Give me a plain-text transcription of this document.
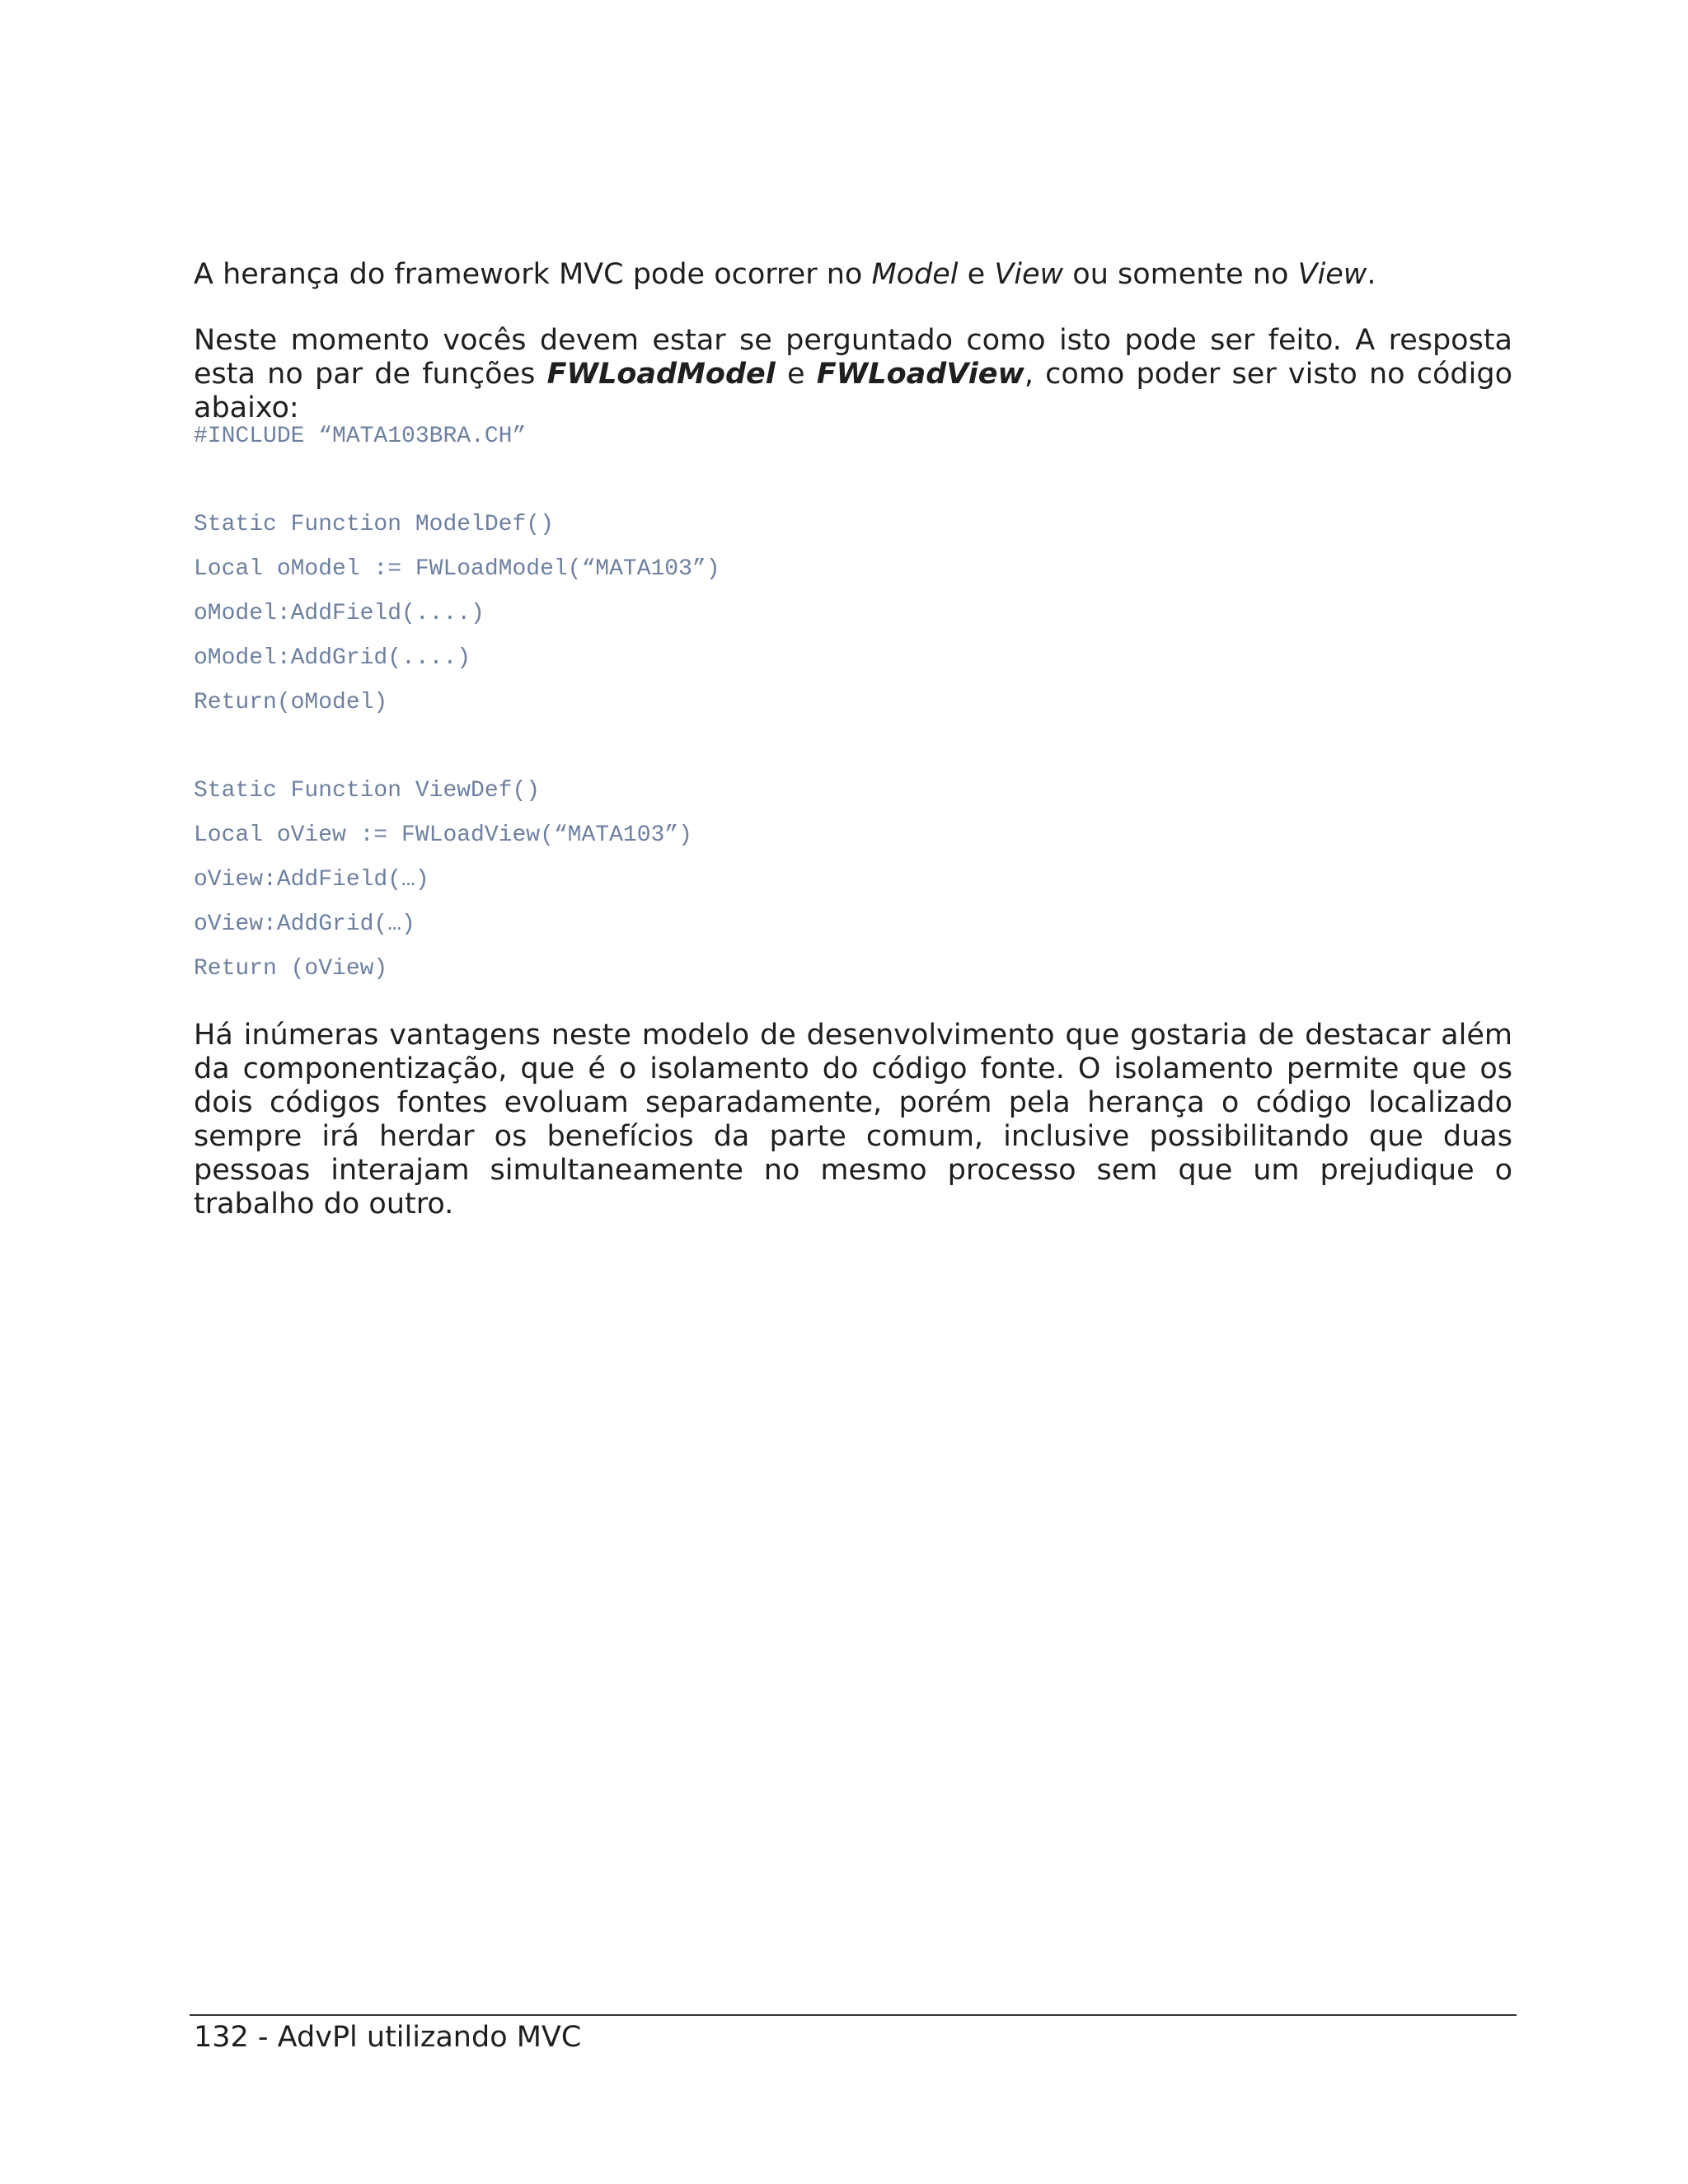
A herança do framework MVC pode ocorrer no Model e View ou somente no View.

Neste momento vocês devem estar se perguntado como isto pode ser feito. A resposta esta no par de funções FWLoadModel e FWLoadView, como poder ser visto no código abaixo:

#INCLUDE “MATA103BRA.CH”
Static Function ModelDef()
Local oModel := FWLoadModel(“MATA103”)
oModel:AddField(....)
oModel:AddGrid(....)
Return(oModel)
Static Function ViewDef()
Local oView := FWLoadView(“MATA103”)
oView:AddField(…)
oView:AddGrid(…)
Return (oView)

Há inúmeras vantagens neste modelo de desenvolvimento que gostaria de destacar além da componentização, que é o isolamento do código fonte. O isolamento permite que os dois códigos fontes evoluam separadamente, porém pela herança o código localizado sempre irá herdar os benefícios da parte comum, inclusive possibilitando que duas pessoas interajam simultaneamente no mesmo processo sem que um prejudique o trabalho do outro.

132 - AdvPl utilizando MVC
